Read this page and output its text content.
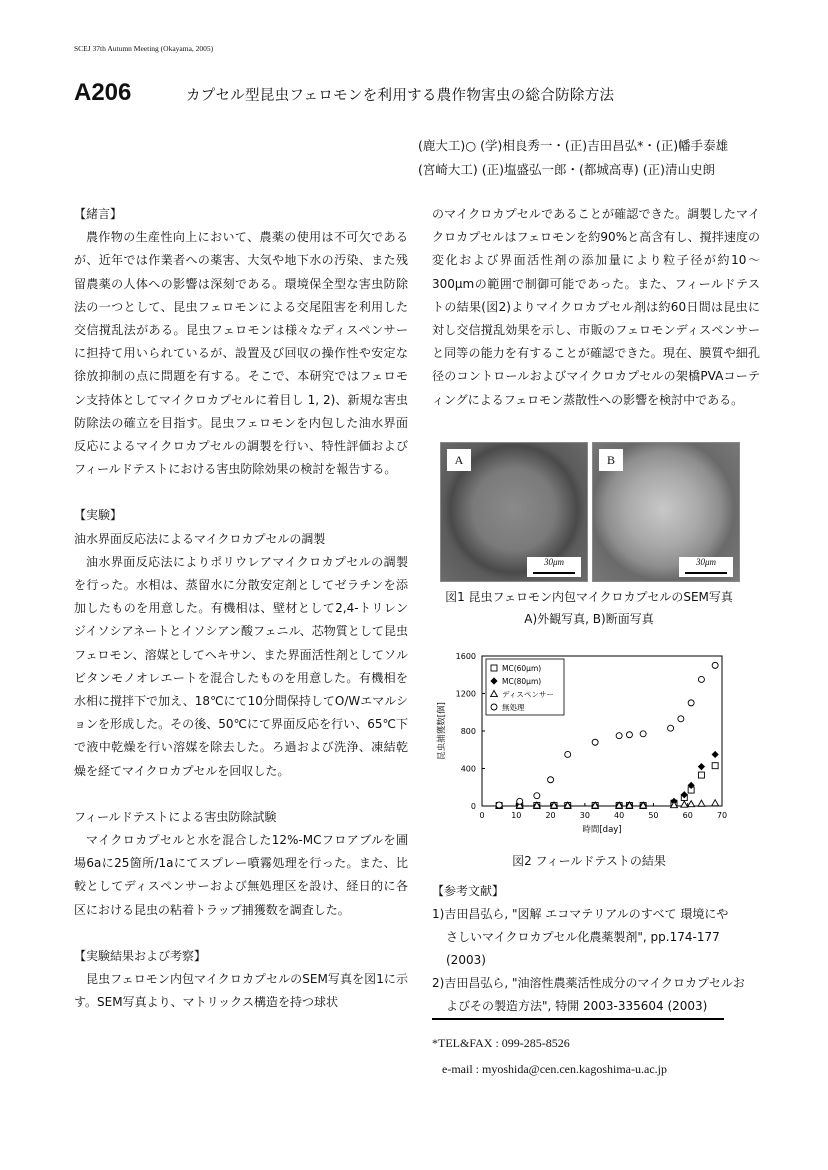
SCEJ 37th Autumn Meeting (Okayama, 2005)
A206	カプセル型昆虫フェロモンを利用する農作物害虫の総合防除方法
(鹿大工)○ (学)相良秀一・(正)吉田昌弘*・(正)幡手泰雄
(宮崎大工) (正)塩盛弘一郎・(都城高専) (正)清山史朗

【緒言】

農作物の生産性向上において、農薬の使用は不可欠であるが、近年では作業者への薬害、大気や地下水の汚染、また残留農薬の人体への影響は深刻である。環境保全型な害虫防除法の一つとして、昆虫フェロモンによる交尾阻害を利用した交信撹乱法がある。昆虫フェロモンは様々なディスペンサーに担持て用いられているが、設置及び回収の操作性や安定な徐放抑制の点に問題を有する。そこで、本研究ではフェロモン支持体としてマイクロカプセルに着目し 1, 2)、新規な害虫防除法の確立を目指す。昆虫フェロモンを内包した油水界面反応によるマイクロカプセルの調製を行い、特性評価およびフィールドテストにおける害虫防除効果の検討を報告する。

【実験】

油水界面反応法によるマイクロカプセルの調製

油水界面反応法によりポリウレアマイクロカプセルの調製を行った。水相は、蒸留水に分散安定剤としてゼラチンを添加したものを用意した。有機相は、壁材として2,4-トリレンジイソシアネートとイソシアン酸フェニル、芯物質として昆虫フェロモン、溶媒としてヘキサン、また界面活性剤としてソルビタンモノオレエートを混合したものを用意した。有機相を水相に撹拌下で加え、18℃にて10分間保持してO/Wエマルションを形成した。その後、50℃にて界面反応を行い、65℃下で液中乾燥を行い溶媒を除去した。ろ過および洗浄、凍結乾燥を経てマイクロカプセルを回収した。

フィールドテストによる害虫防除試験

マイクロカプセルと水を混合した12%-MCフロアブルを圃場6aに25箇所/1aにてスプレー噴霧処理を行った。また、比較としてディスペンサーおよび無処理区を設け、経日的に各区における昆虫の粘着トラップ捕獲数を調査した。

【実験結果および考察】

昆虫フェロモン内包マイクロカプセルのSEM写真を図1に示す。SEM写真より、マトリックス構造を持つ球状

のマイクロカプセルであることが確認できた。調製したマイクロカプセルはフェロモンを約90%と高含有し、撹拌速度の変化および界面活性剤の添加量により粒子径が約10〜300μmの範囲で制御可能であった。また、フィールドテストの結果(図2)よりマイクロカプセル剤は約60日間は昆虫に対し交信撹乱効果を示し、市販のフェロモンディスペンサーと同等の能力を有することが確認できた。現在、膜質や細孔径のコントロールおよびマイクロカプセルの架橋PVAコーティングによるフェロモン蒸散性への影響を検討中である。

A
30μm
B
30μm
図1 昆虫フェロモン内包マイクロカプセルのSEM写真
A)外観写真, B)断面写真
0	10	20	30	40	50	60	70
0
400
800
1200
1600
時間[day]
昆虫捕獲数[個]
MC(60μm)
MC(80μm)
ディスペンサー
無処理
図2 フィールドテストの結果

【参考文献】

1)吉田昌弘ら, "図解 エコマテリアルのすべて 環境にや

さしいマイクロカプセル化農薬製剤", pp.174-177 (2003)

2)吉田昌弘ら, "油溶性農薬活性成分のマイクロカプセルお

よびその製造方法", 特開 2003-335604 (2003)

*TEL&FAX : 099-285-8526
e-mail : myoshida@cen.cen.kagoshima-u.ac.jp
